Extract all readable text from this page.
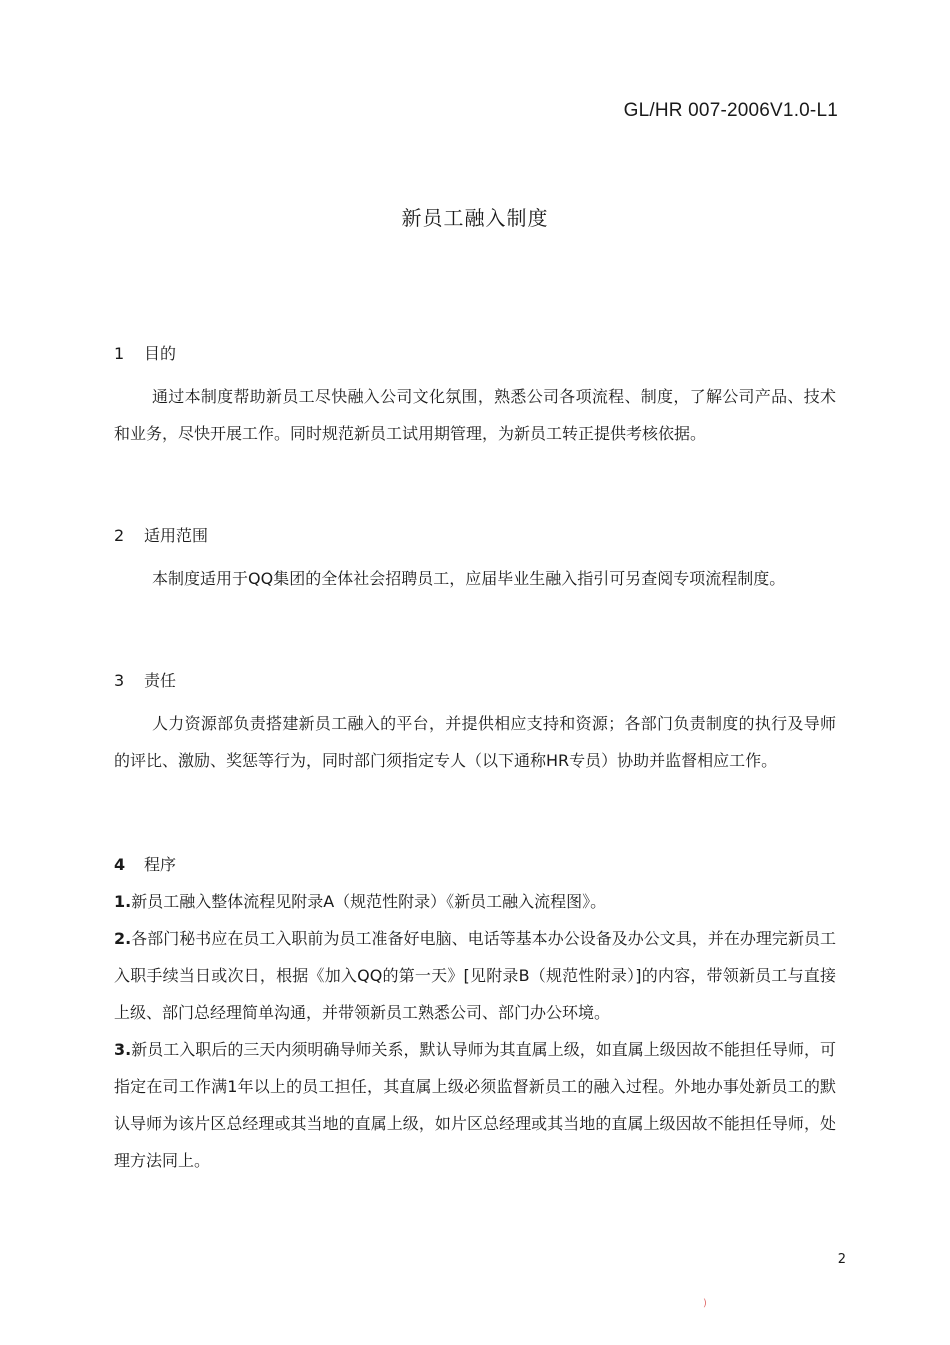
GL/HR 007-2006V1.0-L1
新员工融入制度
1 目的
通过本制度帮助新员工尽快融入公司文化氛围，熟悉公司各项流程、制度，了解公司产品、技术和业务，尽快开展工作。同时规范新员工试用期管理，为新员工转正提供考核依据。
2 适用范围
本制度适用于QQ集团的全体社会招聘员工，应届毕业生融入指引可另查阅专项流程制度。
3 责任
人力资源部负责搭建新员工融入的平台，并提供相应支持和资源；各部门负责制度的执行及导师的评比、激励、奖惩等行为，同时部门须指定专人（以下通称HR专员）协助并监督相应工作。
4 程序
1.新员工融入整体流程见附录A（规范性附录）《新员工融入流程图》。
2.各部门秘书应在员工入职前为员工准备好电脑、电话等基本办公设备及办公文具，并在办理完新员工入职手续当日或次日，根据《加入QQ的第一天》[见附录B（规范性附录）]的内容，带领新员工与直接上级、部门总经理简单沟通，并带领新员工熟悉公司、部门办公环境。
3.新员工入职后的三天内须明确导师关系，默认导师为其直属上级，如直属上级因故不能担任导师，可指定在司工作满1年以上的员工担任，其直属上级必须监督新员工的融入过程。外地办事处新员工的默认导师为该片区总经理或其当地的直属上级，如片区总经理或其当地的直属上级因故不能担任导师，处理方法同上。
2
)
